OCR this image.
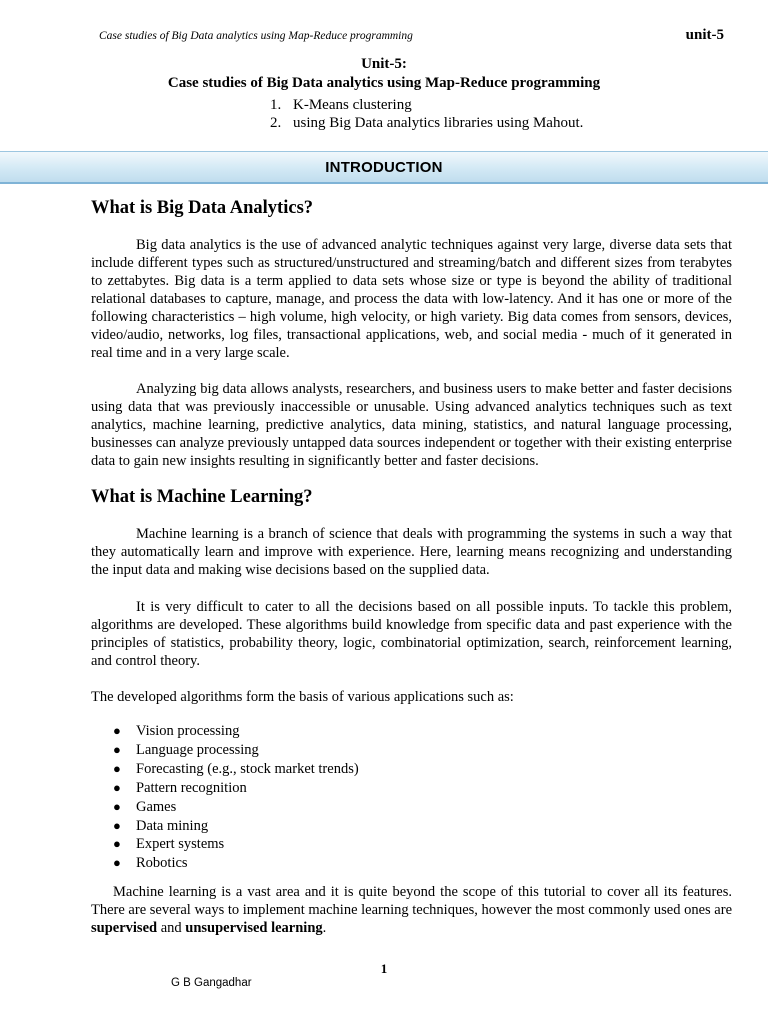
Case studies of Big Data analytics using Map-Reduce programming	unit-5
Unit-5:
Case studies of Big Data analytics using Map-Reduce programming
1. K-Means clustering
2. using Big Data analytics libraries using Mahout.
INTRODUCTION
What is Big Data Analytics?
Big data analytics is the use of advanced analytic techniques against very large, diverse data sets that include different types such as structured/unstructured and streaming/batch and different sizes from terabytes to zettabytes. Big data is a term applied to data sets whose size or type is beyond the ability of traditional relational databases to capture, manage, and process the data with low-latency. And it has one or more of the following characteristics – high volume, high velocity, or high variety. Big data comes from sensors, devices, video/audio, networks, log files, transactional applications, web, and social media - much of it generated in real time and in a very large scale.
Analyzing big data allows analysts, researchers, and business users to make better and faster decisions using data that was previously inaccessible or unusable. Using advanced analytics techniques such as text analytics, machine learning, predictive analytics, data mining, statistics, and natural language processing, businesses can analyze previously untapped data sources independent or together with their existing enterprise data to gain new insights resulting in significantly better and faster decisions.
What is Machine Learning?
Machine learning is a branch of science that deals with programming the systems in such a way that they automatically learn and improve with experience. Here, learning means recognizing and understanding the input data and making wise decisions based on the supplied data.
It is very difficult to cater to all the decisions based on all possible inputs. To tackle this problem, algorithms are developed. These algorithms build knowledge from specific data and past experience with the principles of statistics, probability theory, logic, combinatorial optimization, search, reinforcement learning, and control theory.
The developed algorithms form the basis of various applications such as:
●	Vision processing
●	Language processing
●	Forecasting (e.g., stock market trends)
●	Pattern recognition
●	Games
●	Data mining
●	Expert systems
●	Robotics
Machine learning is a vast area and it is quite beyond the scope of this tutorial to cover all its features. There are several ways to implement machine learning techniques, however the most commonly used ones are supervised and unsupervised learning.
1
G B Gangadhar
